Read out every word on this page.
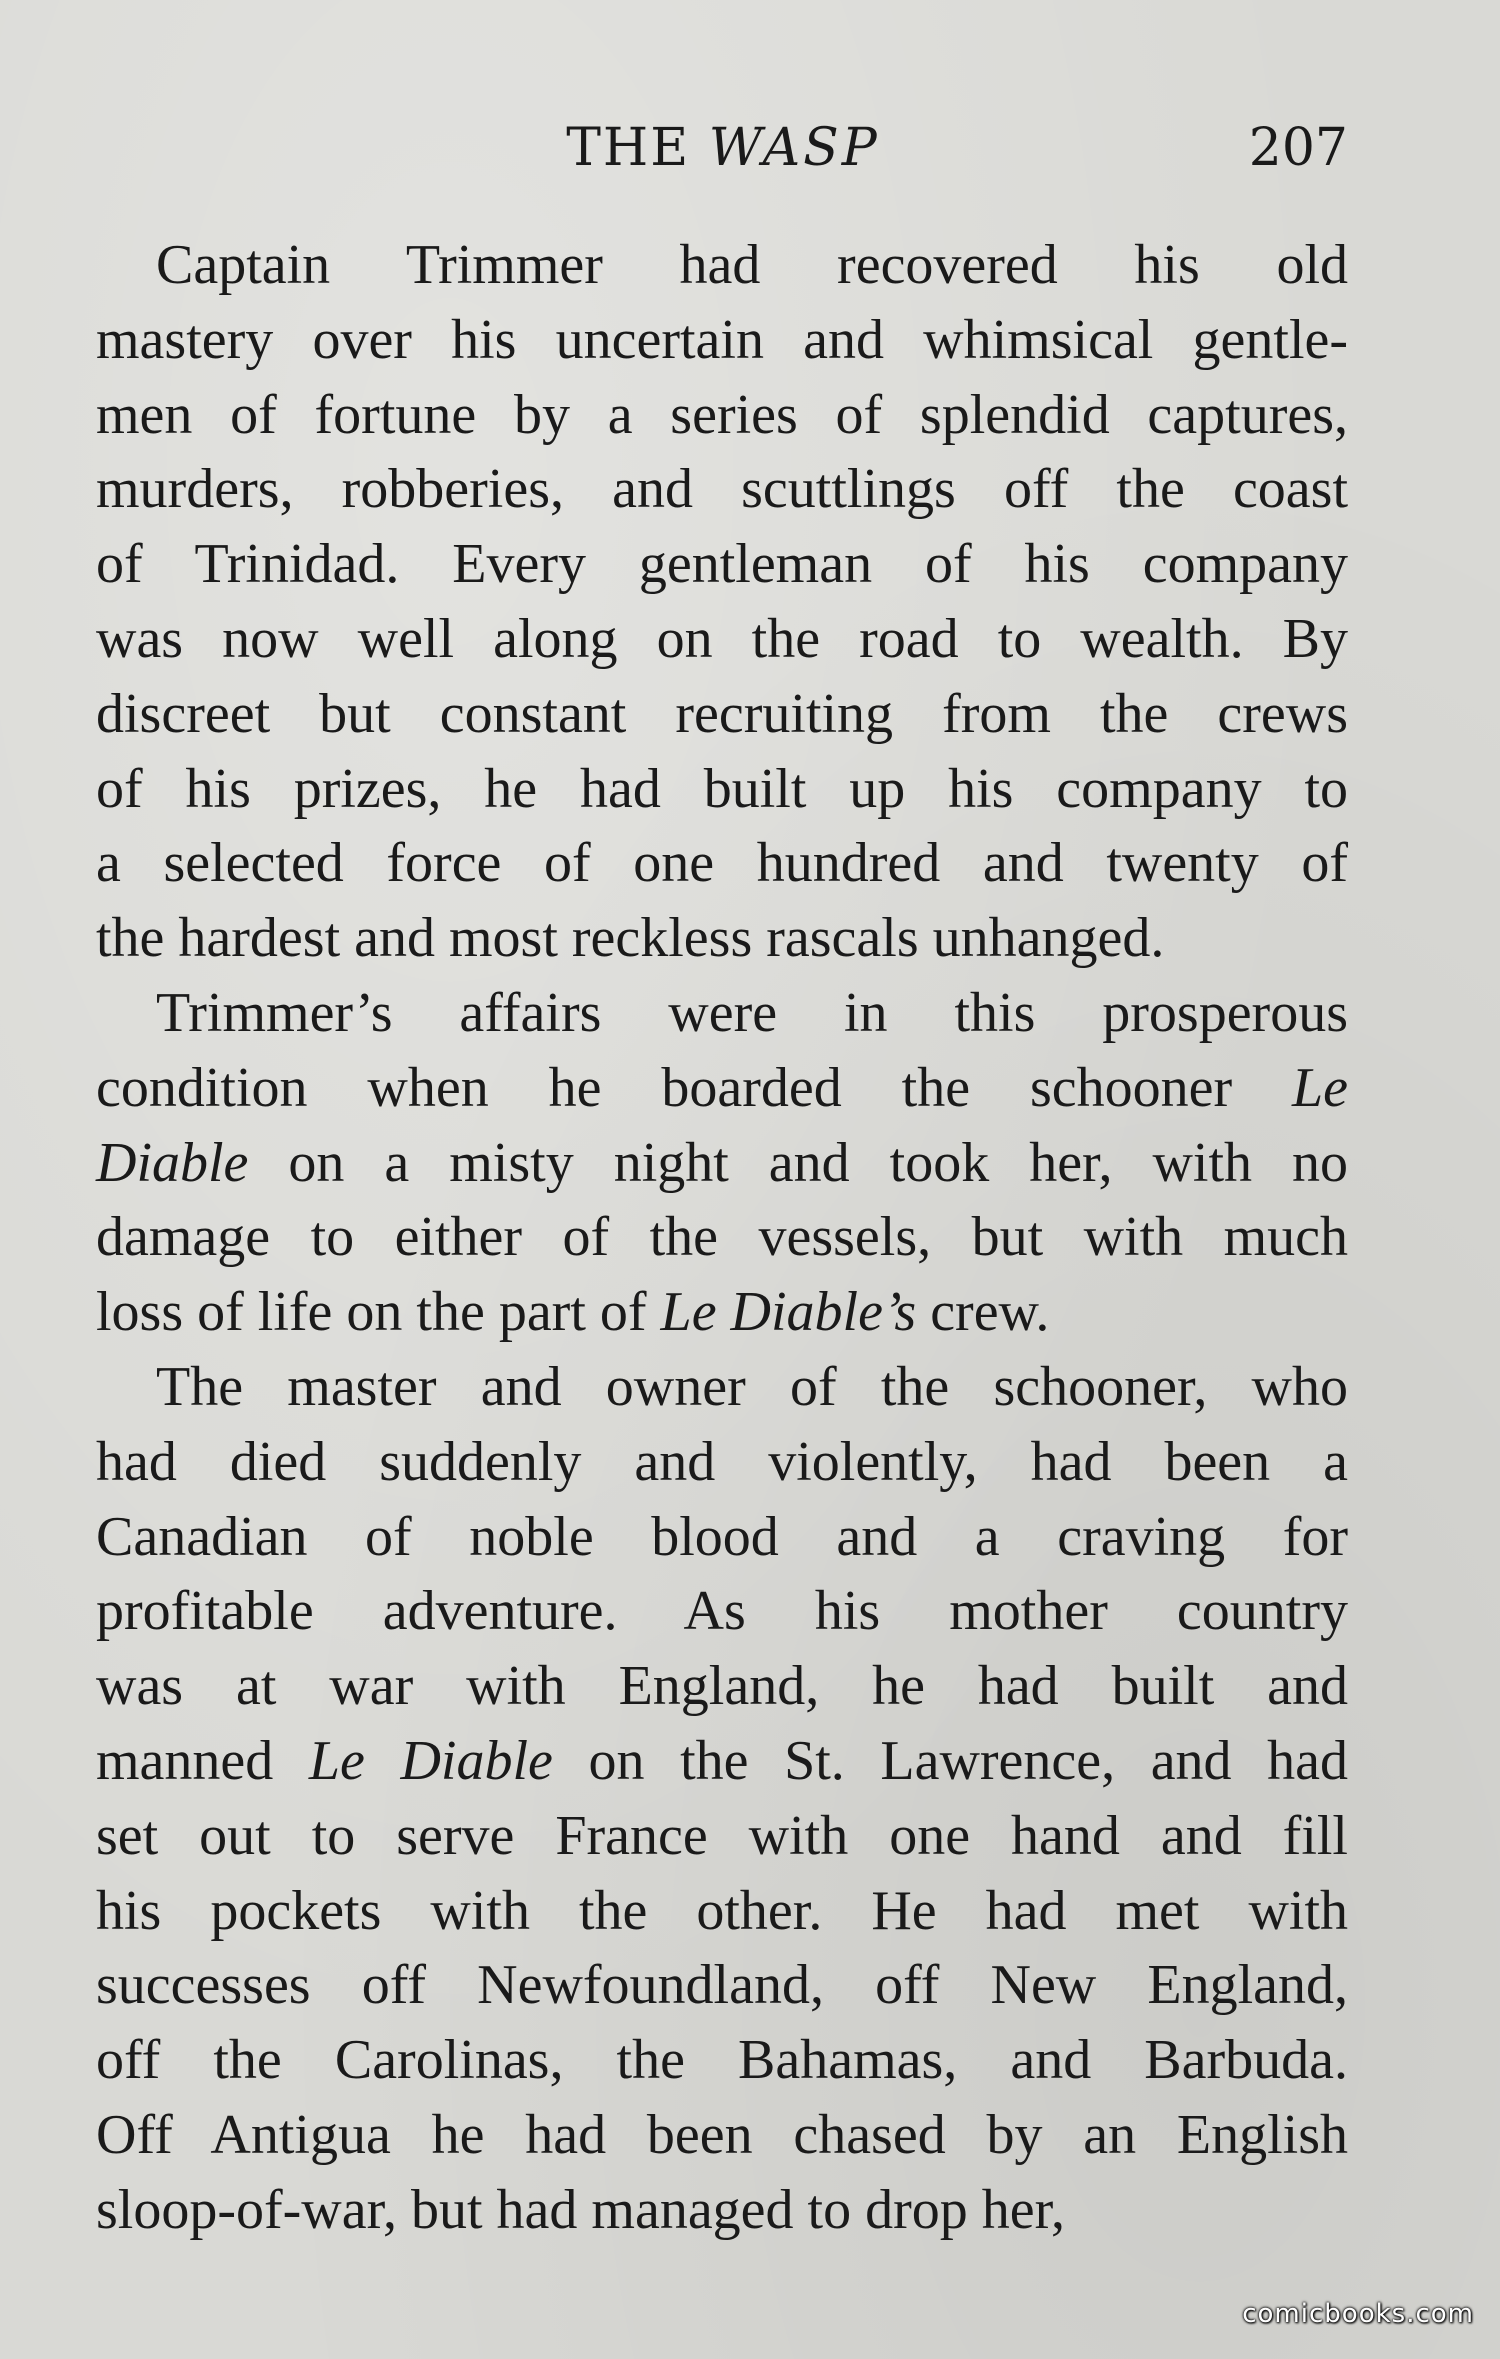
THE WASP	207
Captain Trimmer had recovered his old
mastery over his uncertain and whimsical gentle-
men of fortune by a series of splendid captures,
murders, robberies, and scuttlings off the coast
of Trinidad. Every gentleman of his company
was now well along on the road to wealth. By
discreet but constant recruiting from the crews
of his prizes, he had built up his company to
a selected force of one hundred and twenty of
the hardest and most reckless rascals unhanged.
Trimmer’s affairs were in this prosperous
condition when he boarded the schooner Le
Diable on a misty night and took her, with no
damage to either of the vessels, but with much
loss of life on the part of Le Diable’s crew.
The master and owner of the schooner, who
had died suddenly and violently, had been a
Canadian of noble blood and a craving for
profitable adventure. As his mother country
was at war with England, he had built and
manned Le Diable on the St. Lawrence, and had
set out to serve France with one hand and fill
his pockets with the other. He had met with
successes off Newfoundland, off New England,
off the Carolinas, the Bahamas, and Barbuda.
Off Antigua he had been chased by an English
sloop-of-war, but had managed to drop her,
comicbooks.com
